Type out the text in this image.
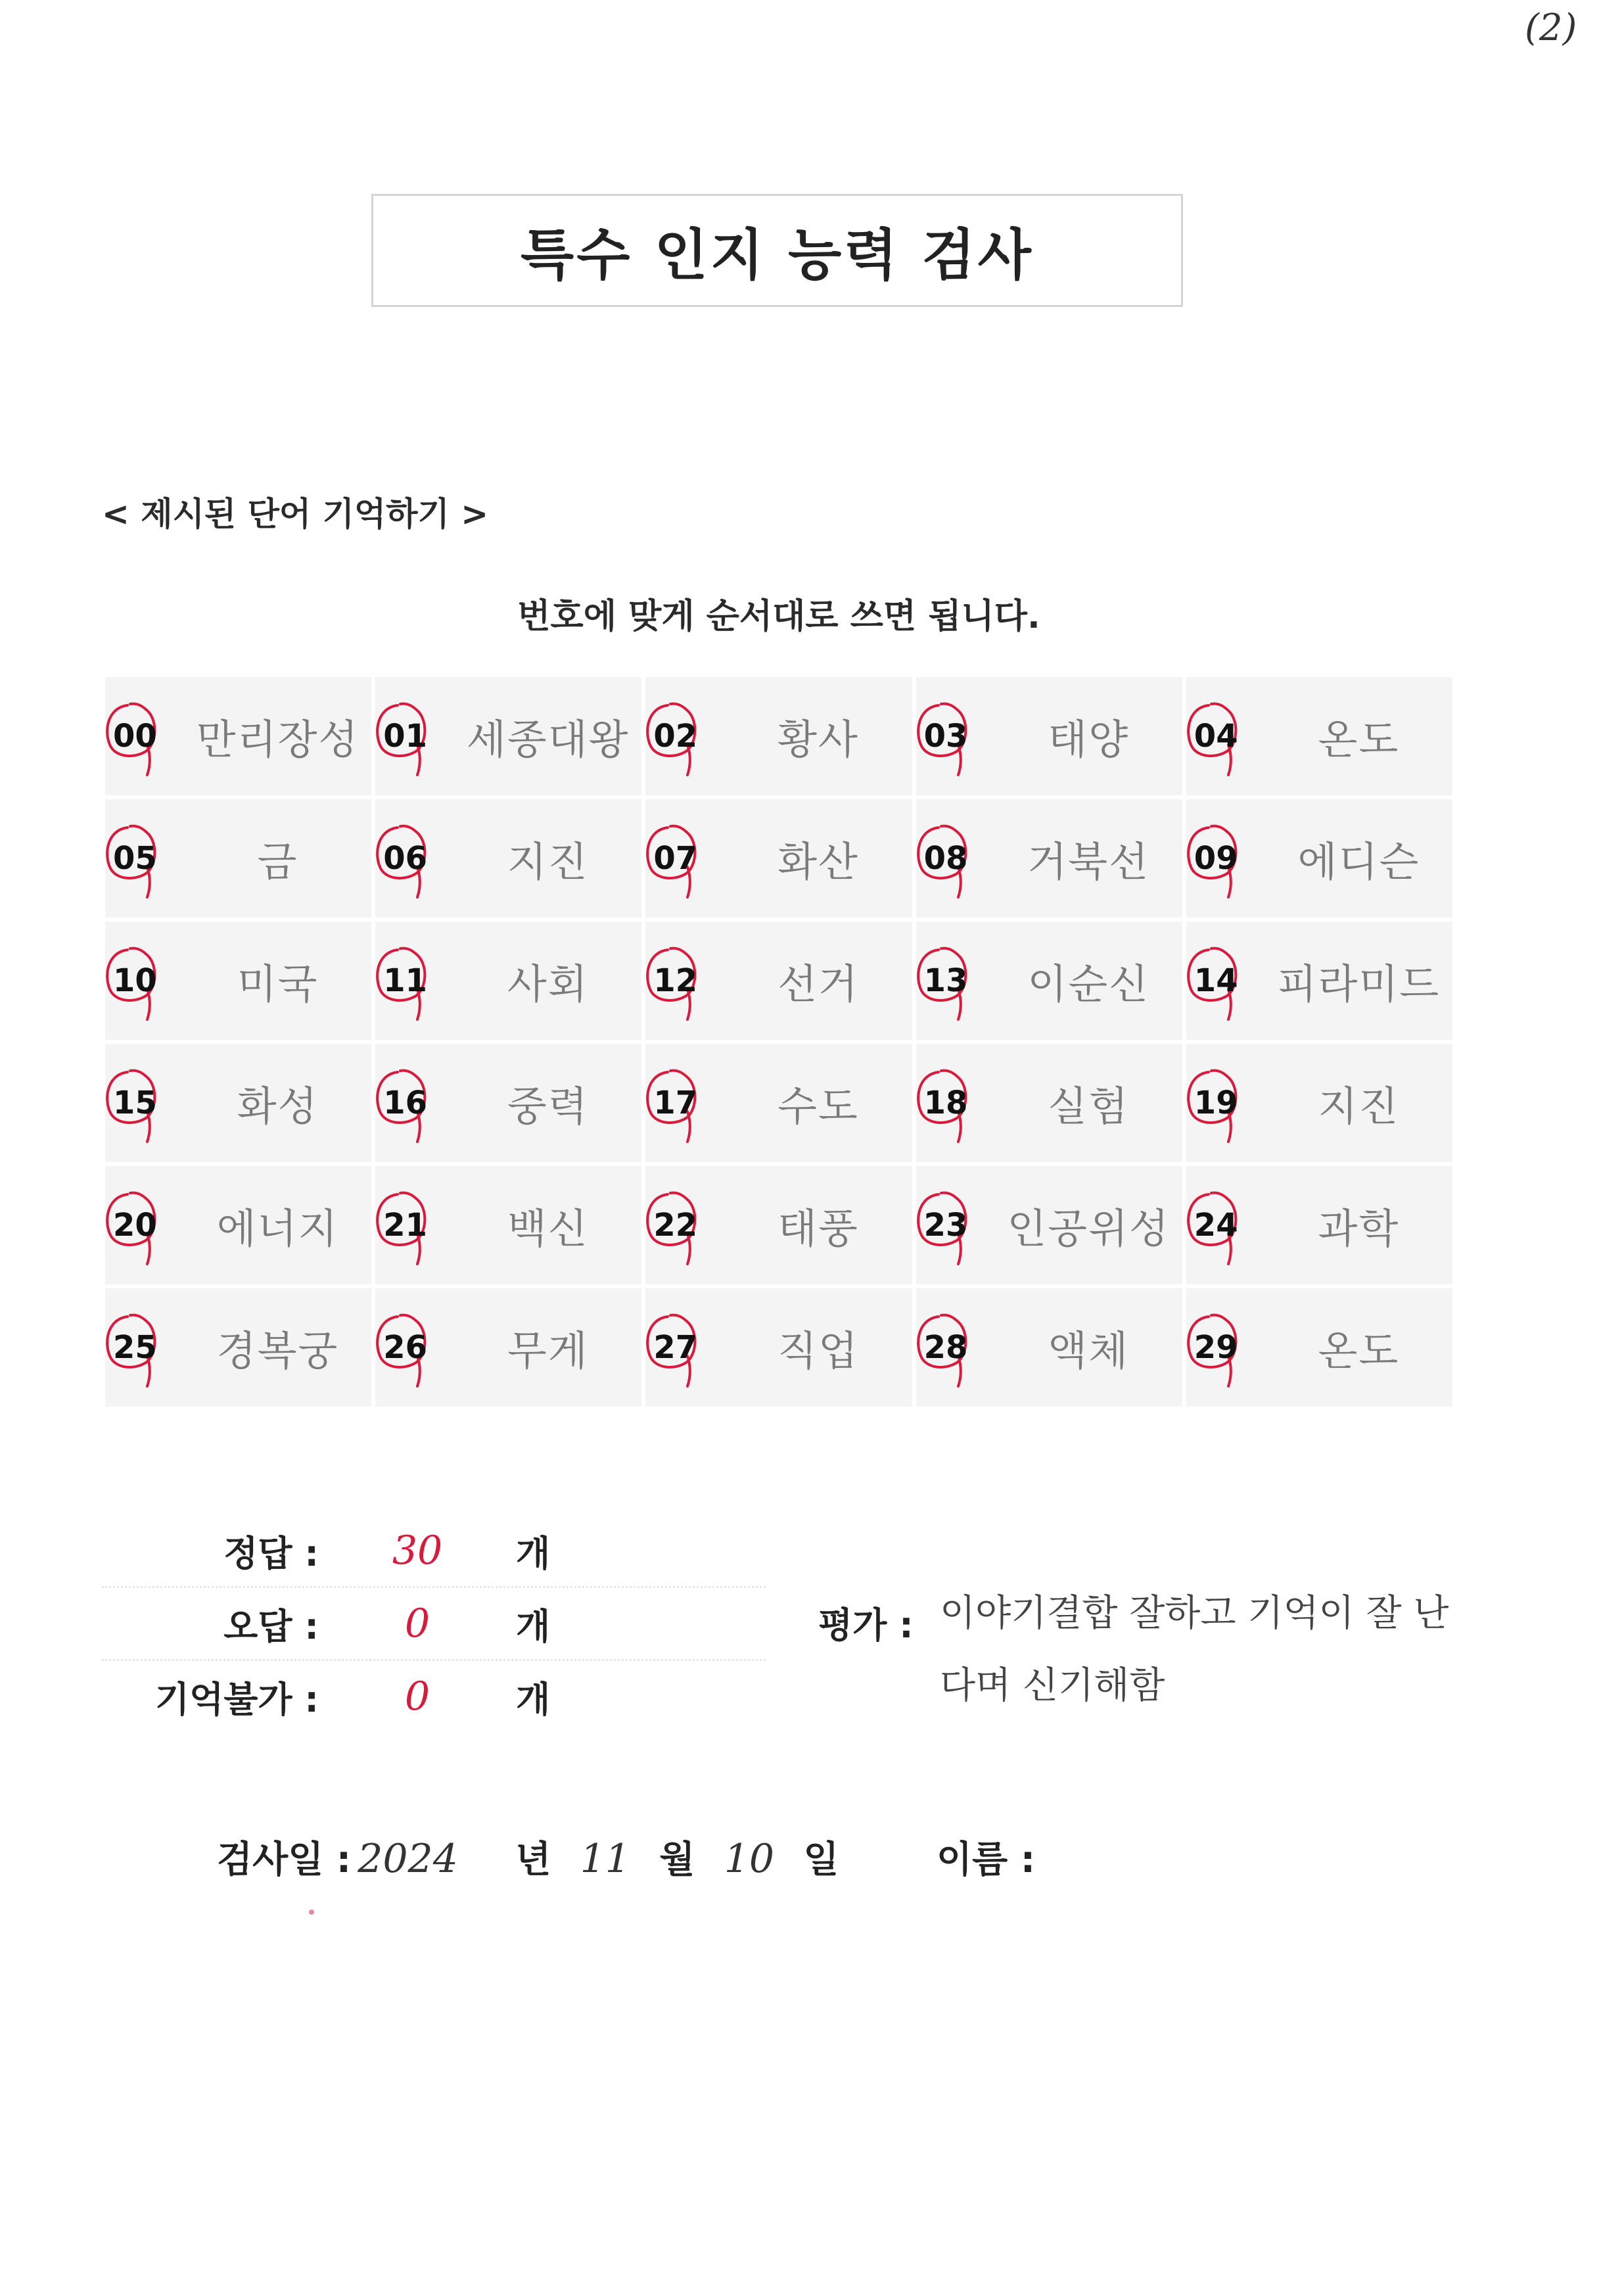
(2)
특수 인지 능력 검사
< 제시된 단어 기억하기 >
번호에 맞게 순서대로 쓰면 됩니다.
00 만리장성 01 세종대왕 02	황사	03	태양	04	온도
05	금	06	지진	07	화산	08	거북선	09	에디슨
10	미국	11	사회	12	선거	13	이순신	14 피라미드
15	화성	16	중력	17	수도	18	실험	19	지진
20	에너지	21	백신	22	태풍	23 인공위성 24	과학
25	경복궁	26	무게	27	직업	28	액체	29	온도
정답 :	30	개
오답 :	0	개
기억불가 :	0	개
평가 : 이야기결합 잘하고 기억이 잘 난다며 신기해함
검사일 : 2024	년 11 월 10 일	이름 :
